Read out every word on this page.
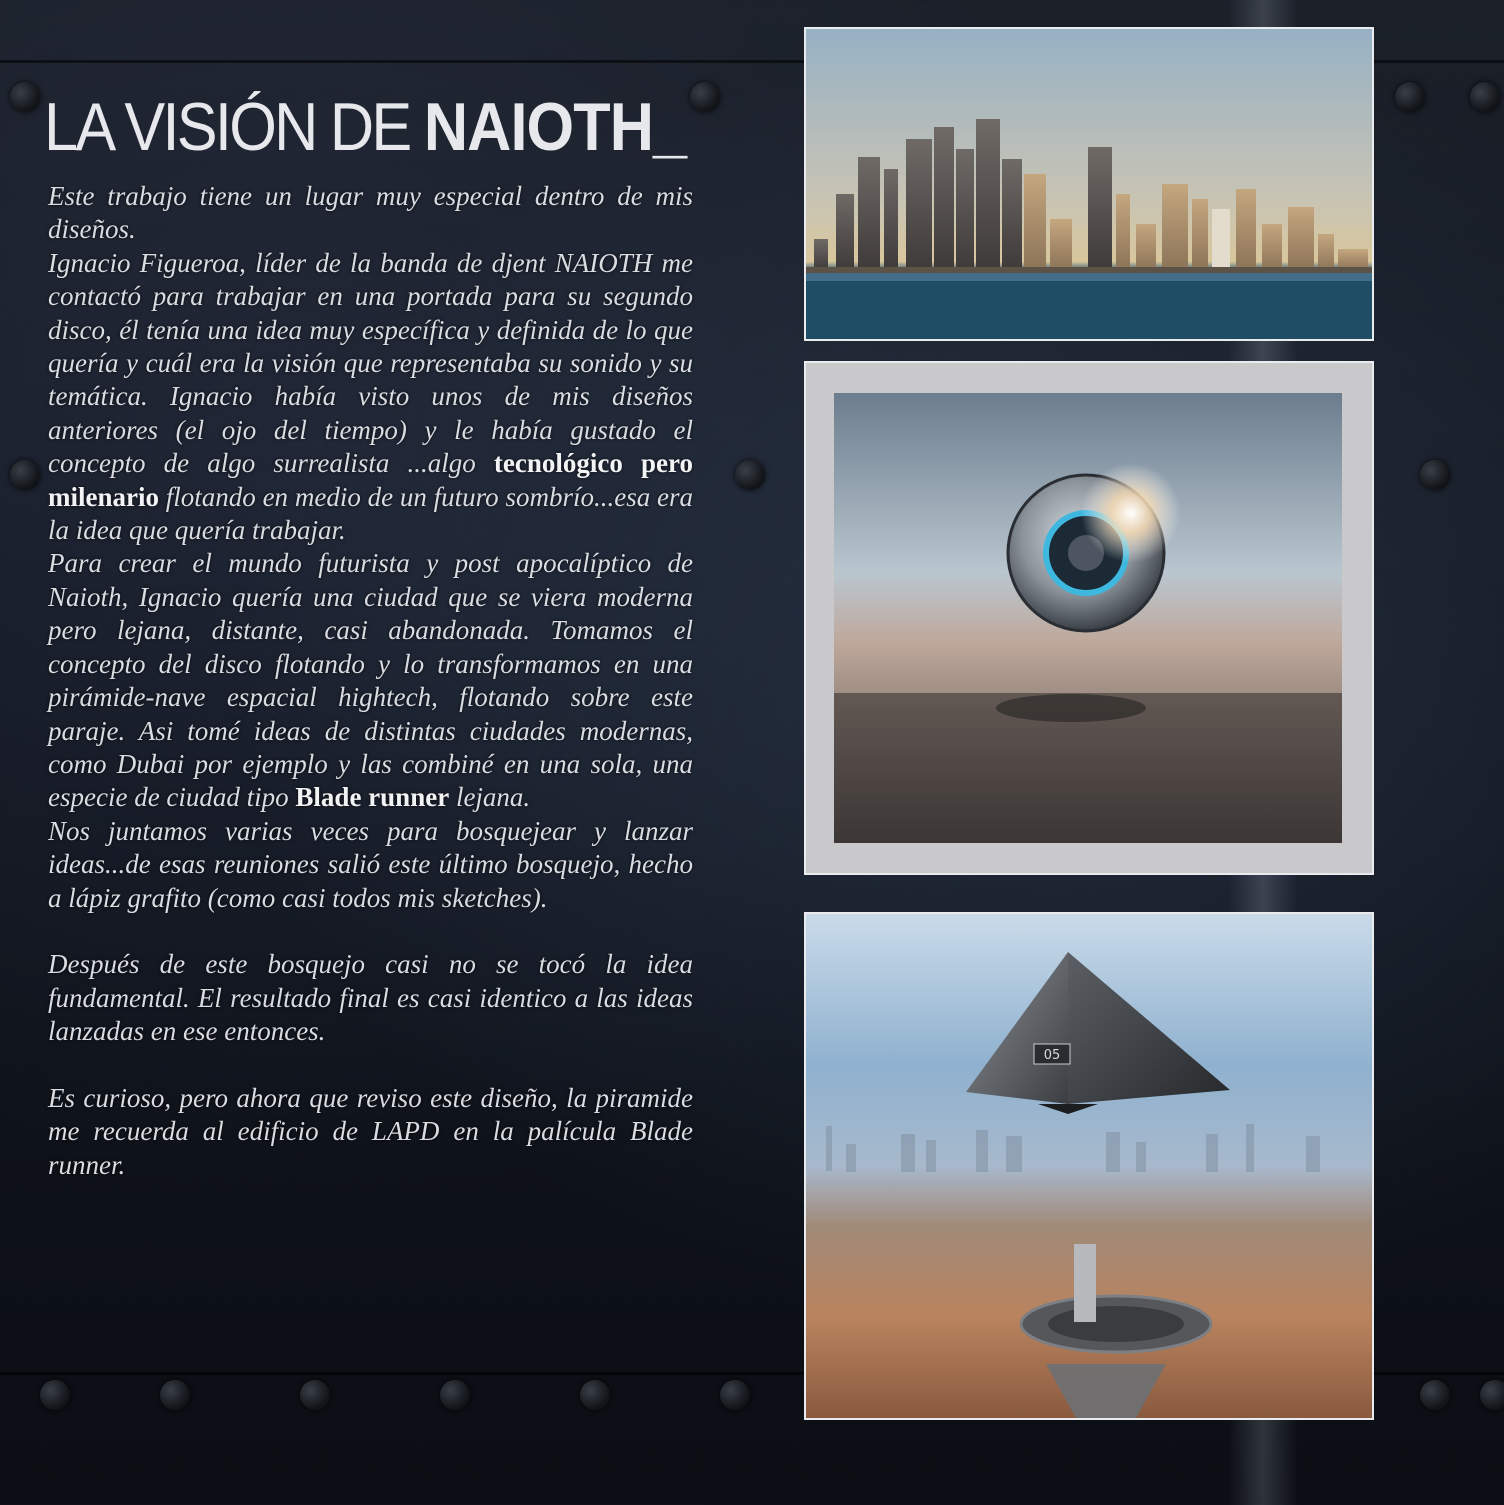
LA VISIÓN DE NAIOTH_

Este trabajo tiene un lugar muy especial dentro de mis diseños.

Ignacio Figueroa, líder de la banda de djent NAIOTH me contactó para trabajar en una portada para su segundo disco, él tenía una idea muy específica y definida de lo que quería y cuál era la visión que representaba su sonido y su temática. Ignacio había visto unos de mis diseños anteriores (el ojo del tiempo) y le había gustado el concepto de algo surrealista ...algo tecnológico pero milenario flotando en medio de un futuro sombrío...esa era la idea que quería trabajar.

Para crear el mundo futurista y post apocalíptico de Naioth, Ignacio quería una ciudad que se viera moderna pero lejana, distante, casi abandonada. Tomamos el concepto del disco flotando y lo transformamos en una pirámide-nave espacial hightech, flotando sobre este paraje. Asi tomé ideas de distintas ciudades modernas, como Dubai por ejemplo y las combiné en una sola, una especie de ciudad tipo Blade runner lejana.

Nos juntamos varias veces para bosquejear y lanzar ideas...de esas reuniones salió este último bosquejo, hecho a lápiz grafito (como casi todos mis sketches).

Después de este bosquejo casi no se tocó la idea fundamental. El resultado final es casi identico a las ideas lanzadas en ese entonces.

Es curioso, pero ahora que reviso este diseño, la piramide me recuerda al edificio de LAPD en la palícula Blade runner.

05
